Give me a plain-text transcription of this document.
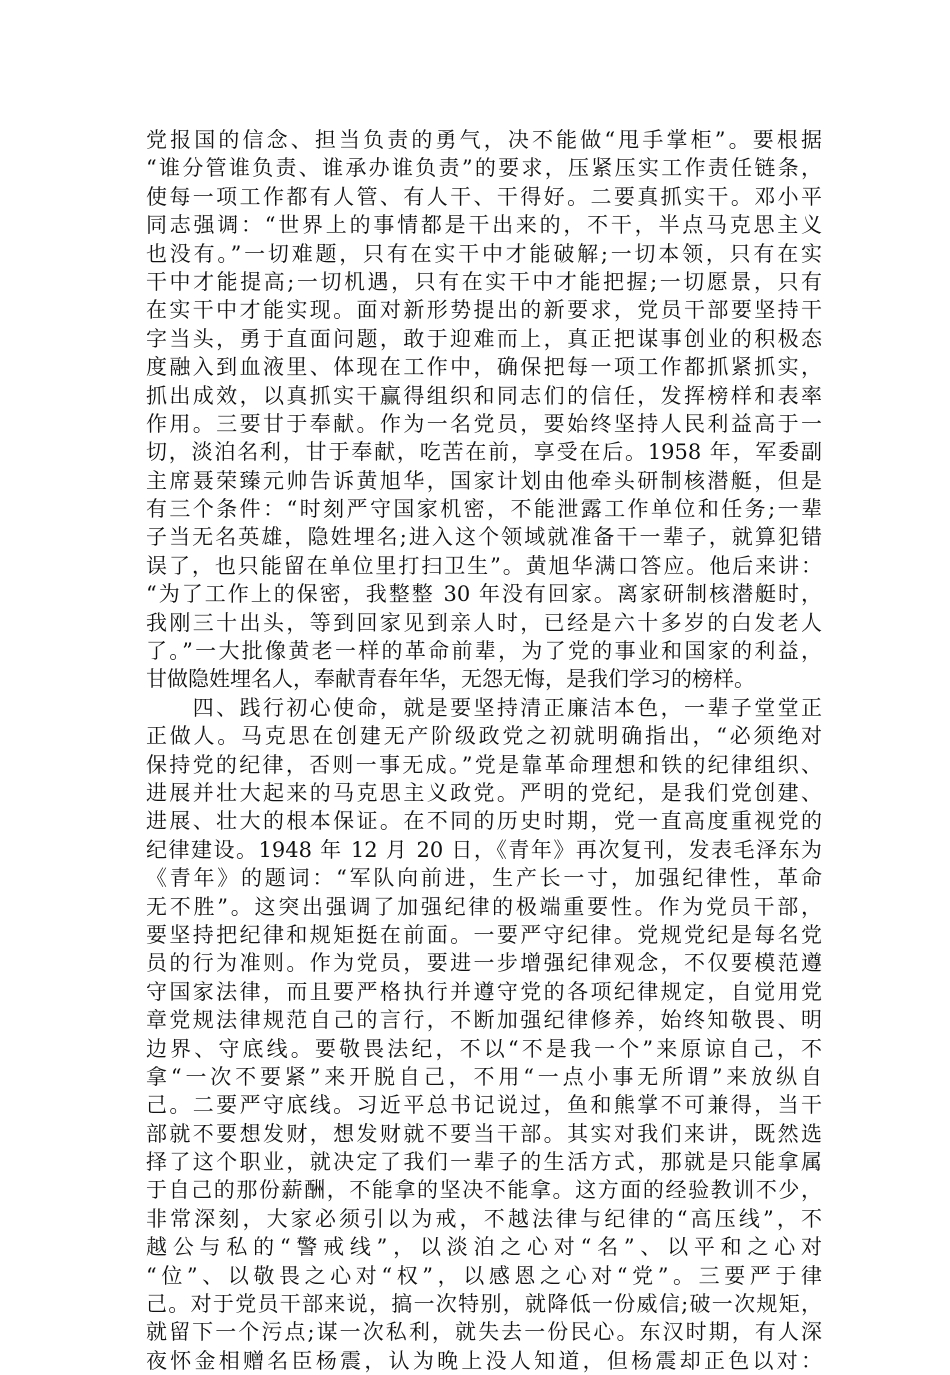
党报国的信念、担当负责的勇气，决不能做“甩手掌柜”。要根据
“谁分管谁负责、谁承办谁负责”的要求，压紧压实工作责任链条，
使每一项工作都有人管、有人干、干得好。二要真抓实干。邓小平
同志强调：“世界上的事情都是干出来的，不干，半点马克思主义
也没有。”一切难题，只有在实干中才能破解;一切本领，只有在实
干中才能提高;一切机遇，只有在实干中才能把握;一切愿景，只有
在实干中才能实现。面对新形势提出的新要求，党员干部要坚持干
字当头，勇于直面问题，敢于迎难而上，真正把谋事创业的积极态
度融入到血液里、体现在工作中，确保把每一项工作都抓紧抓实，
抓出成效，以真抓实干赢得组织和同志们的信任，发挥榜样和表率
作用。三要甘于奉献。作为一名党员，要始终坚持人民利益高于一
切，淡泊名利，甘于奉献，吃苦在前，享受在后。1958 年，军委副
主席聂荣臻元帅告诉黄旭华，国家计划由他牵头研制核潜艇，但是
有三个条件：“时刻严守国家机密，不能泄露工作单位和任务;一辈
子当无名英雄，隐姓埋名;进入这个领域就准备干一辈子，就算犯错
误了，也只能留在单位里打扫卫生”。黄旭华满口答应。他后来讲：
“为了工作上的保密，我整整 30 年没有回家。离家研制核潜艇时，
我刚三十出头，等到回家见到亲人时，已经是六十多岁的白发老人
了。”一大批像黄老一样的革命前辈，为了党的事业和国家的利益，
甘做隐姓埋名人，奉献青春年华，无怨无悔，是我们学习的榜样。
　　四、践行初心使命，就是要坚持清正廉洁本色，一辈子堂堂正
正做人。马克思在创建无产阶级政党之初就明确指出，“必须绝对
保持党的纪律，否则一事无成。”党是靠革命理想和铁的纪律组织、
进展并壮大起来的马克思主义政党。严明的党纪，是我们党创建、
进展、壮大的根本保证。在不同的历史时期，党一直高度重视党的
纪律建设。1948 年 12 月 20 日，《青年》再次复刊，发表毛泽东为
《青年》的题词：“军队向前进，生产长一寸，加强纪律性，革命
无不胜”。这突出强调了加强纪律的极端重要性。作为党员干部，
要坚持把纪律和规矩挺在前面。一要严守纪律。党规党纪是每名党
员的行为准则。作为党员，要进一步增强纪律观念，不仅要模范遵
守国家法律，而且要严格执行并遵守党的各项纪律规定，自觉用党
章党规法律规范自己的言行，不断加强纪律修养，始终知敬畏、明
边界、守底线。要敬畏法纪，不以“不是我一个”来原谅自己，不
拿“一次不要紧”来开脱自己，不用“一点小事无所谓”来放纵自
己。二要严守底线。习近平总书记说过，鱼和熊掌不可兼得，当干
部就不要想发财，想发财就不要当干部。其实对我们来讲，既然选
择了这个职业，就决定了我们一辈子的生活方式，那就是只能拿属
于自己的那份薪酬，不能拿的坚决不能拿。这方面的经验教训不少，
非常深刻，大家必须引以为戒，不越法律与纪律的“高压线”，不
越公与私的“警戒线”，以淡泊之心对“名”、以平和之心对
“位”、以敬畏之心对“权”，以感恩之心对“党”。三要严于律
己。对于党员干部来说，搞一次特别，就降低一份威信;破一次规矩，
就留下一个污点;谋一次私利，就失去一份民心。东汉时期，有人深
夜怀金相赠名臣杨震，认为晚上没人知道，但杨震却正色以对：
